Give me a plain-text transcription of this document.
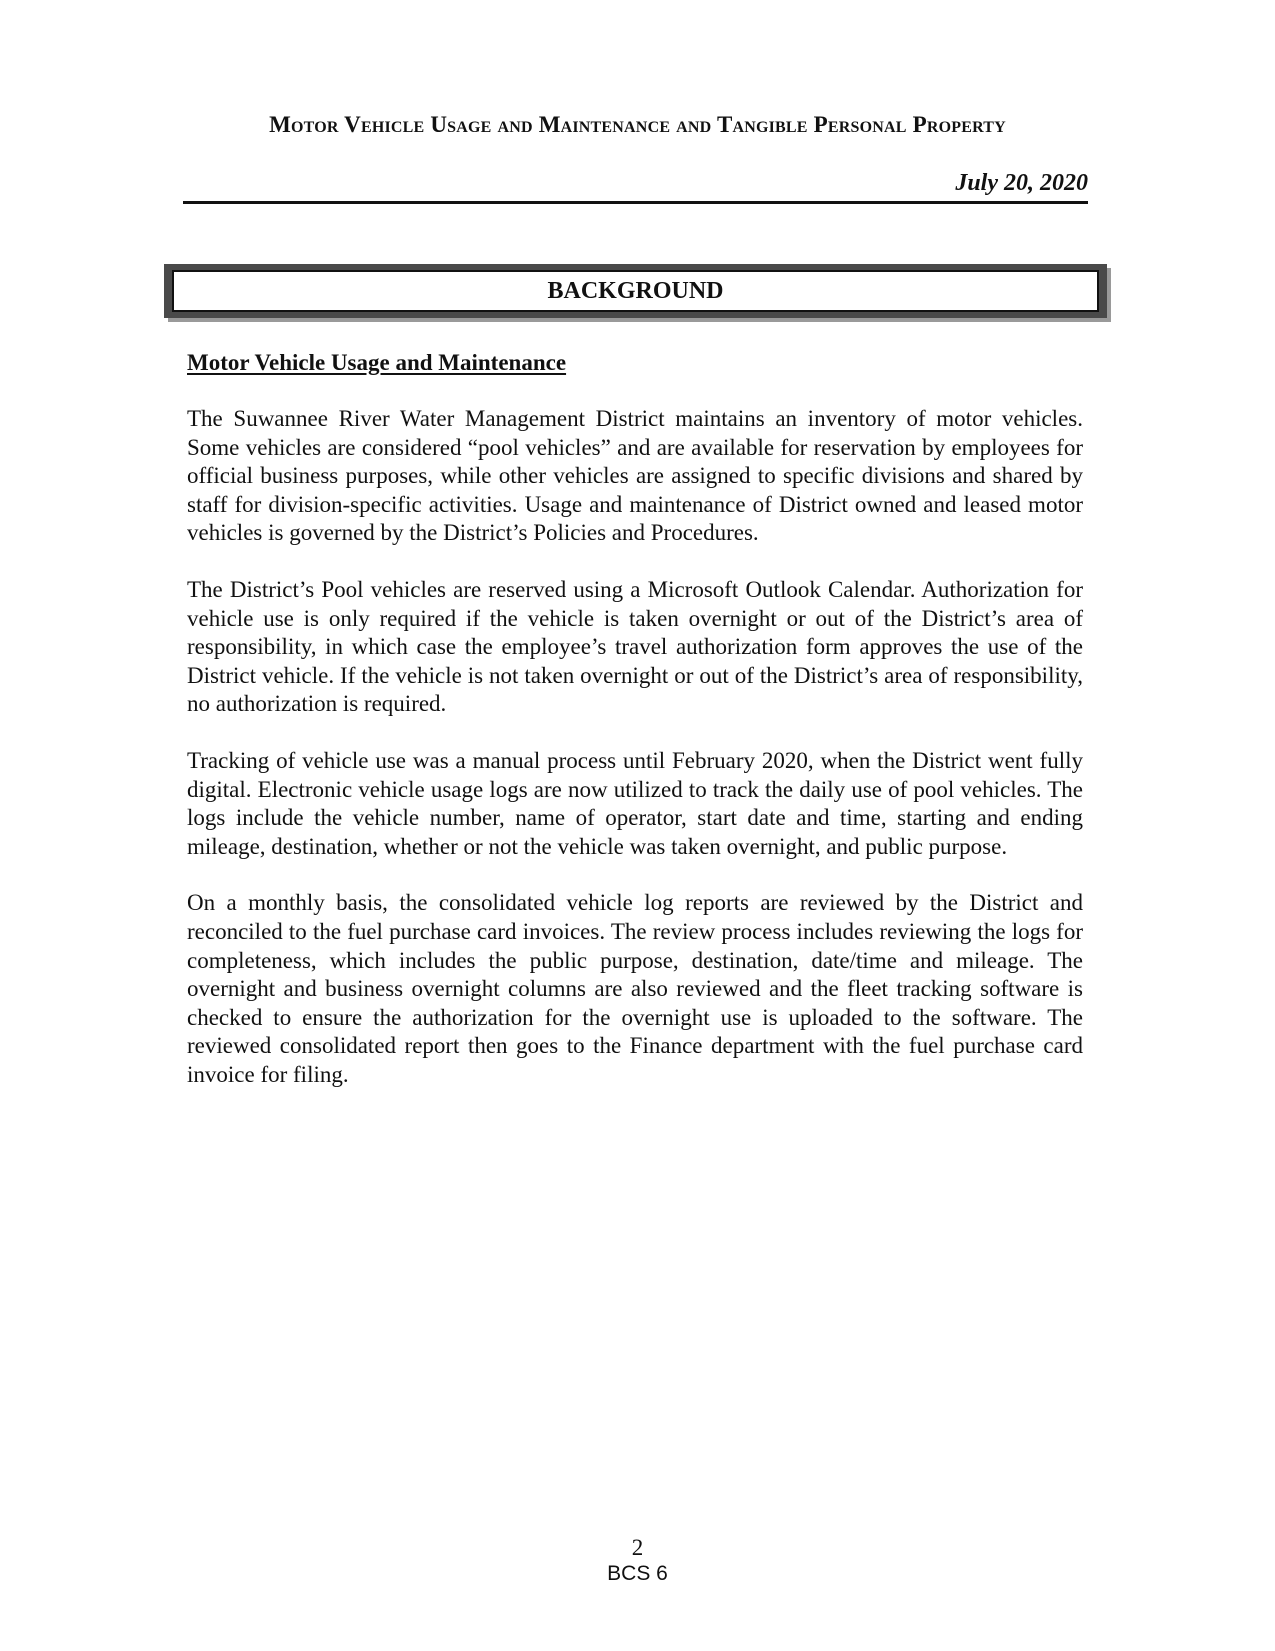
Motor Vehicle Usage and Maintenance and Tangible Personal Property
July 20, 2020
BACKGROUND
Motor Vehicle Usage and Maintenance

The Suwannee River Water Management District maintains an inventory of motor vehicles. Some vehicles are considered “pool vehicles” and are available for reservation by employees for official business purposes, while other vehicles are assigned to specific divisions and shared by staff for division-specific activities. Usage and maintenance of District owned and leased motor vehicles is governed by the District’s Policies and Procedures.

The District’s Pool vehicles are reserved using a Microsoft Outlook Calendar. Authorization for vehicle use is only required if the vehicle is taken overnight or out of the District’s area of responsibility, in which case the employee’s travel authorization form approves the use of the District vehicle. If the vehicle is not taken overnight or out of the District’s area of responsibility, no authorization is required.

Tracking of vehicle use was a manual process until February 2020, when the District went fully digital. Electronic vehicle usage logs are now utilized to track the daily use of pool vehicles. The logs include the vehicle number, name of operator, start date and time, starting and ending mileage, destination, whether or not the vehicle was taken overnight, and public purpose.

On a monthly basis, the consolidated vehicle log reports are reviewed by the District and reconciled to the fuel purchase card invoices. The review process includes reviewing the logs for completeness, which includes the public purpose, destination, date/time and mileage. The overnight and business overnight columns are also reviewed and the fleet tracking software is checked to ensure the authorization for the overnight use is uploaded to the software. The reviewed consolidated report then goes to the Finance department with the fuel purchase card invoice for filing.

2
BCS 6
